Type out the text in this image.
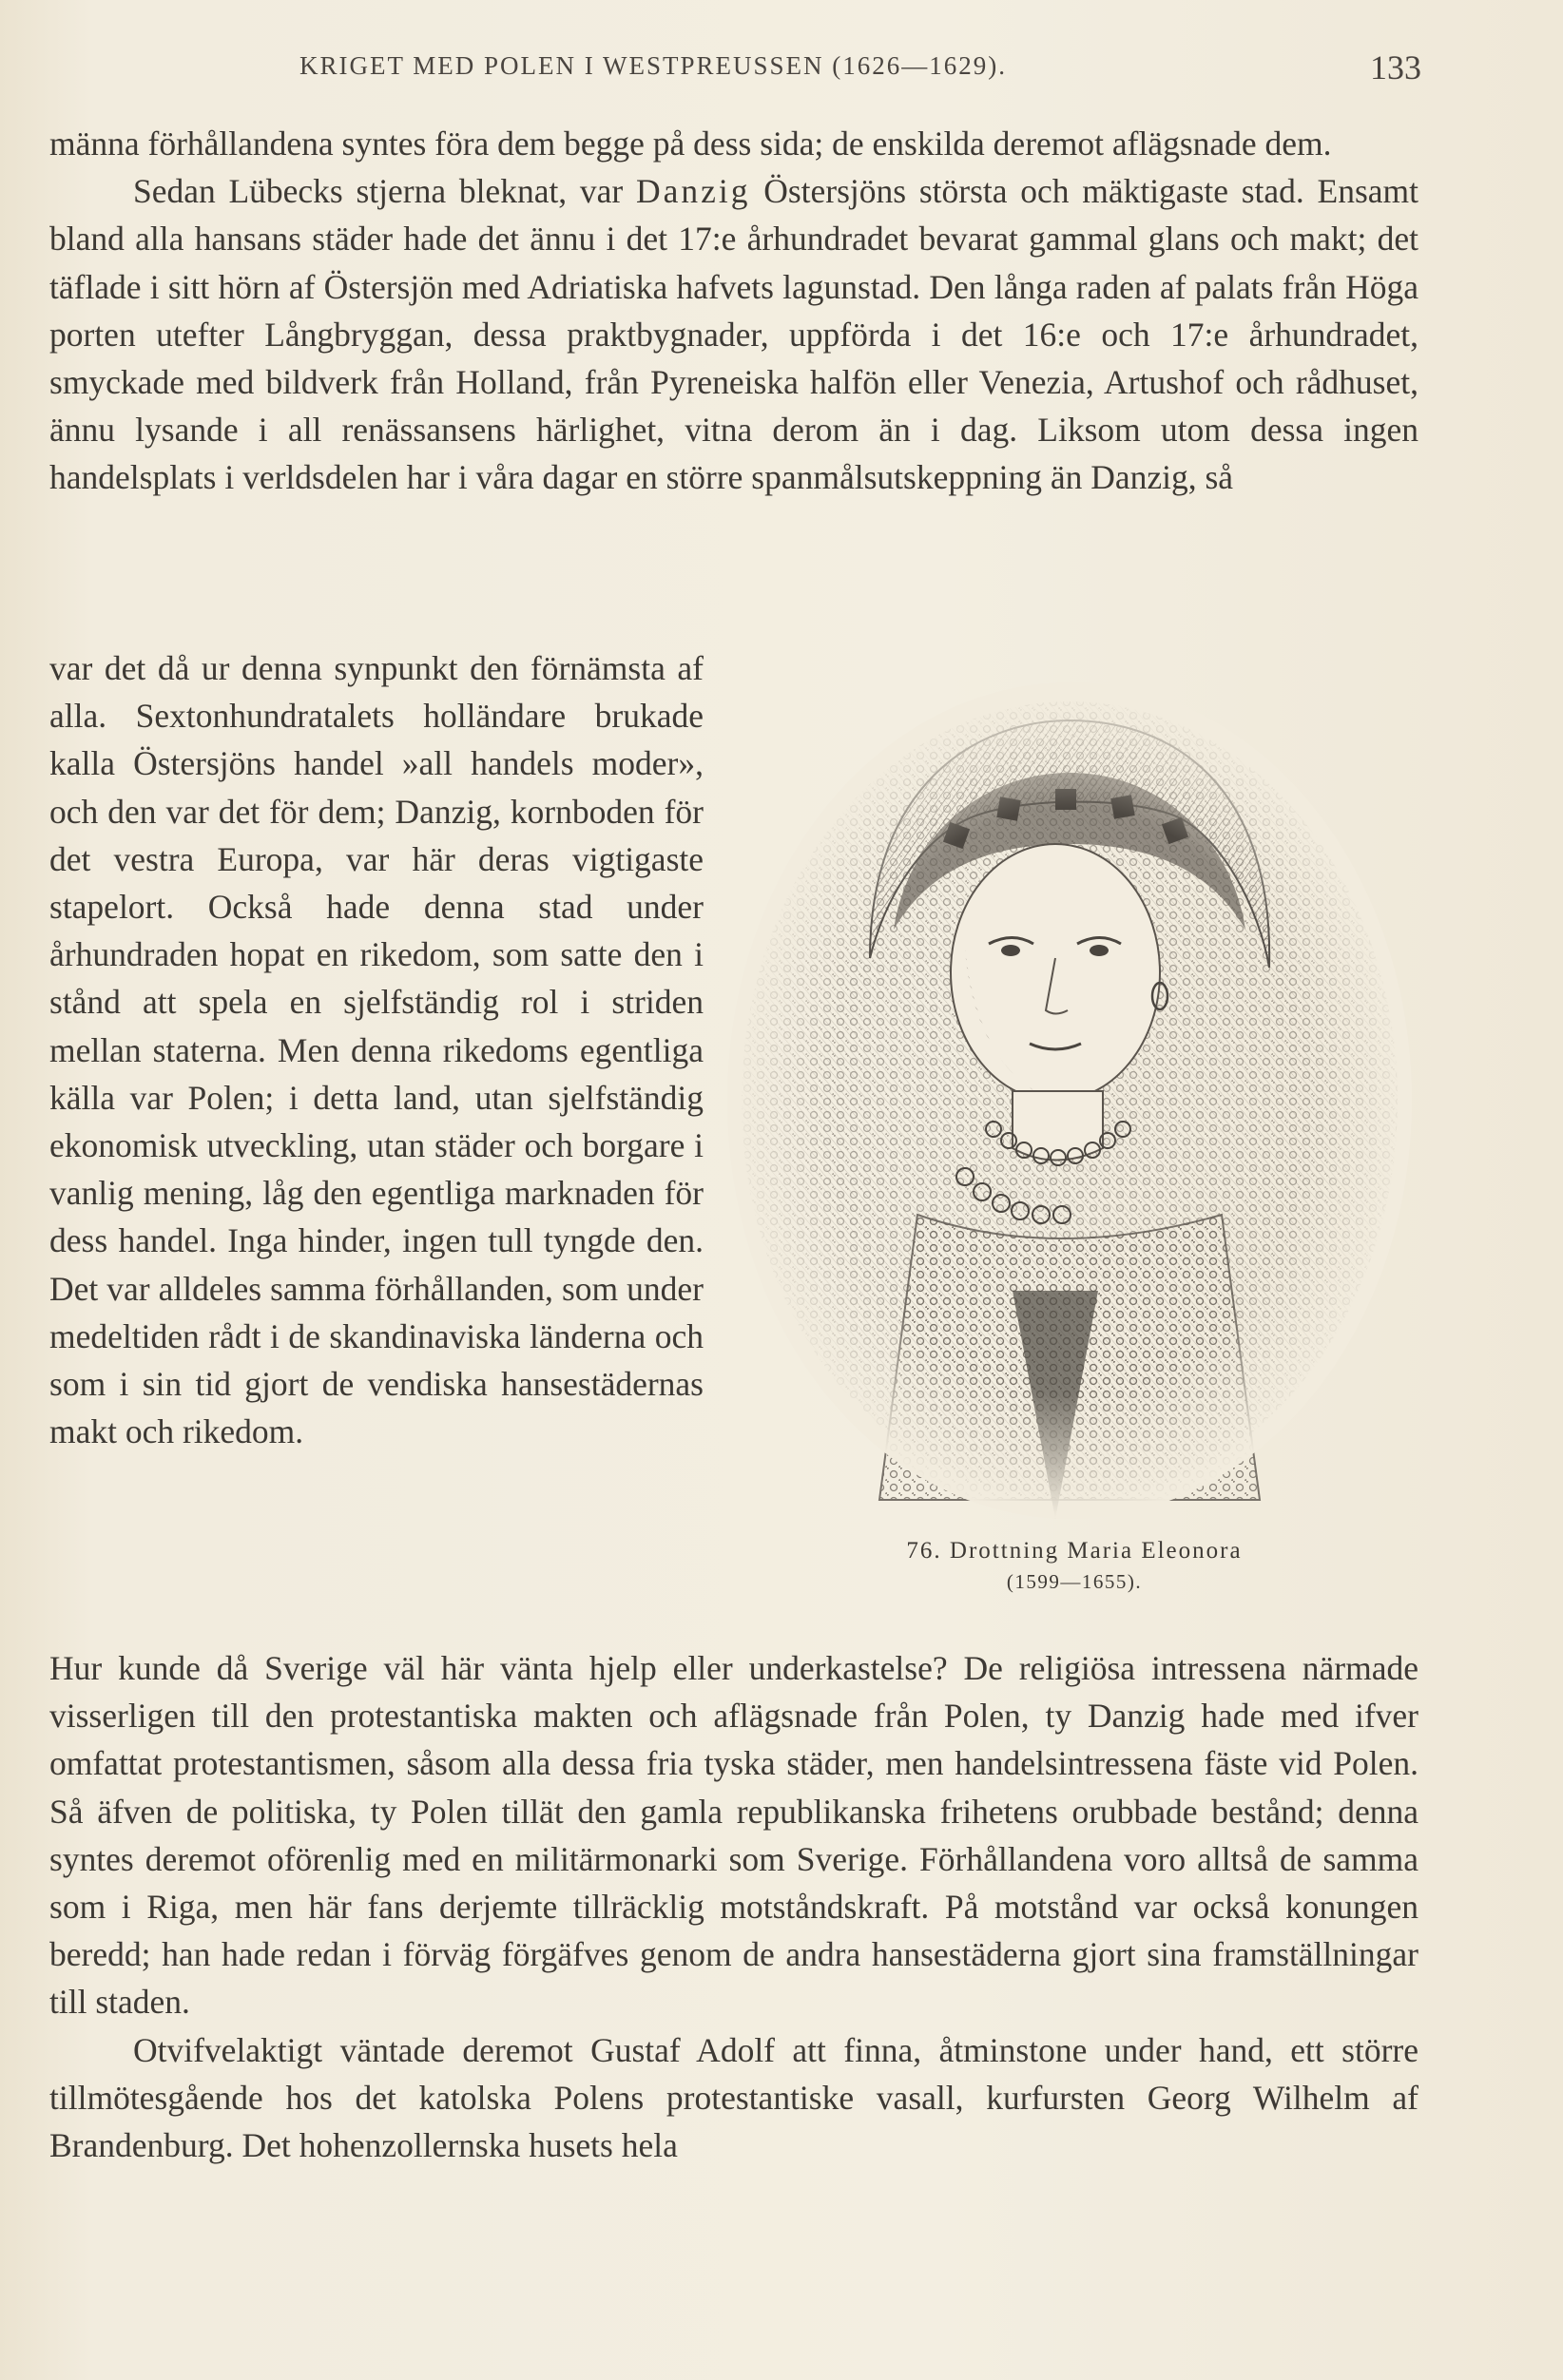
KRIGET MED POLEN I WESTPREUSSEN (1626—1629).	133

männa förhållandena syntes föra dem begge på dess sida; de enskilda deremot aflägsnade dem.

Sedan Lübecks stjerna bleknat, var Danzig Östersjöns största och mäktigaste stad. Ensamt bland alla hansans städer hade det ännu i det 17:e århundradet bevarat gammal glans och makt; det täflade i sitt hörn af Östersjön med Adriatiska hafvets lagunstad. Den långa raden af palats från Höga porten utefter Långbryggan, dessa praktbygnader, uppförda i det 16:e och 17:e århundradet, smyckade med bildverk från Holland, från Pyreneiska halfön eller Venezia, Artushof och rådhuset, ännu lysande i all renässansens härlighet, vitna derom än i dag. Liksom utom dessa ingen handelsplats i verldsdelen har i våra dagar en större spanmålsutskeppning än Danzig, så

var det då ur denna synpunkt den förnämsta af alla. Sextonhundratalets holländare brukade kalla Östersjöns handel »all handels moder», och den var det för dem; Danzig, kornboden för det vestra Europa, var här deras vigtigaste stapelort. Också hade denna stad under århundraden hopat en rikedom, som satte den i stånd att spela en sjelfständig rol i striden mellan staterna. Men denna rikedoms egentliga källa var Polen; i detta land, utan sjelfständig ekonomisk utveckling, utan städer och borgare i vanlig mening, låg den egentliga marknaden för dess handel. Inga hinder, ingen tull tyngde den. Det var alldeles samma förhållanden, som under medeltiden rådt i de skandinaviska länderna och som i sin tid gjort de vendiska hansestädernas makt och rikedom.

76. Drottning Maria Eleonora
(1599—1655).

Hur kunde då Sverige väl här vänta hjelp eller underkastelse? De religiösa intressena närmade visserligen till den protestantiska makten och aflägsnade från Polen, ty Danzig hade med ifver omfattat protestantismen, såsom alla dessa fria tyska städer, men handelsintressena fäste vid Polen. Så äfven de politiska, ty Polen tillät den gamla republikanska frihetens orubbade bestånd; denna syntes deremot oförenlig med en militärmonarki som Sverige. Förhållandena voro alltså de samma som i Riga, men här fans derjemte tillräcklig motståndskraft. På motstånd var också konungen beredd; han hade redan i förväg förgäfves genom de andra hansestäderna gjort sina framställningar till staden.

Otvifvelaktigt väntade deremot Gustaf Adolf att finna, åtminstone under hand, ett större tillmötesgående hos det katolska Polens protestantiske vasall, kurfursten Georg Wilhelm af Brandenburg. Det hohenzollernska husets hela
